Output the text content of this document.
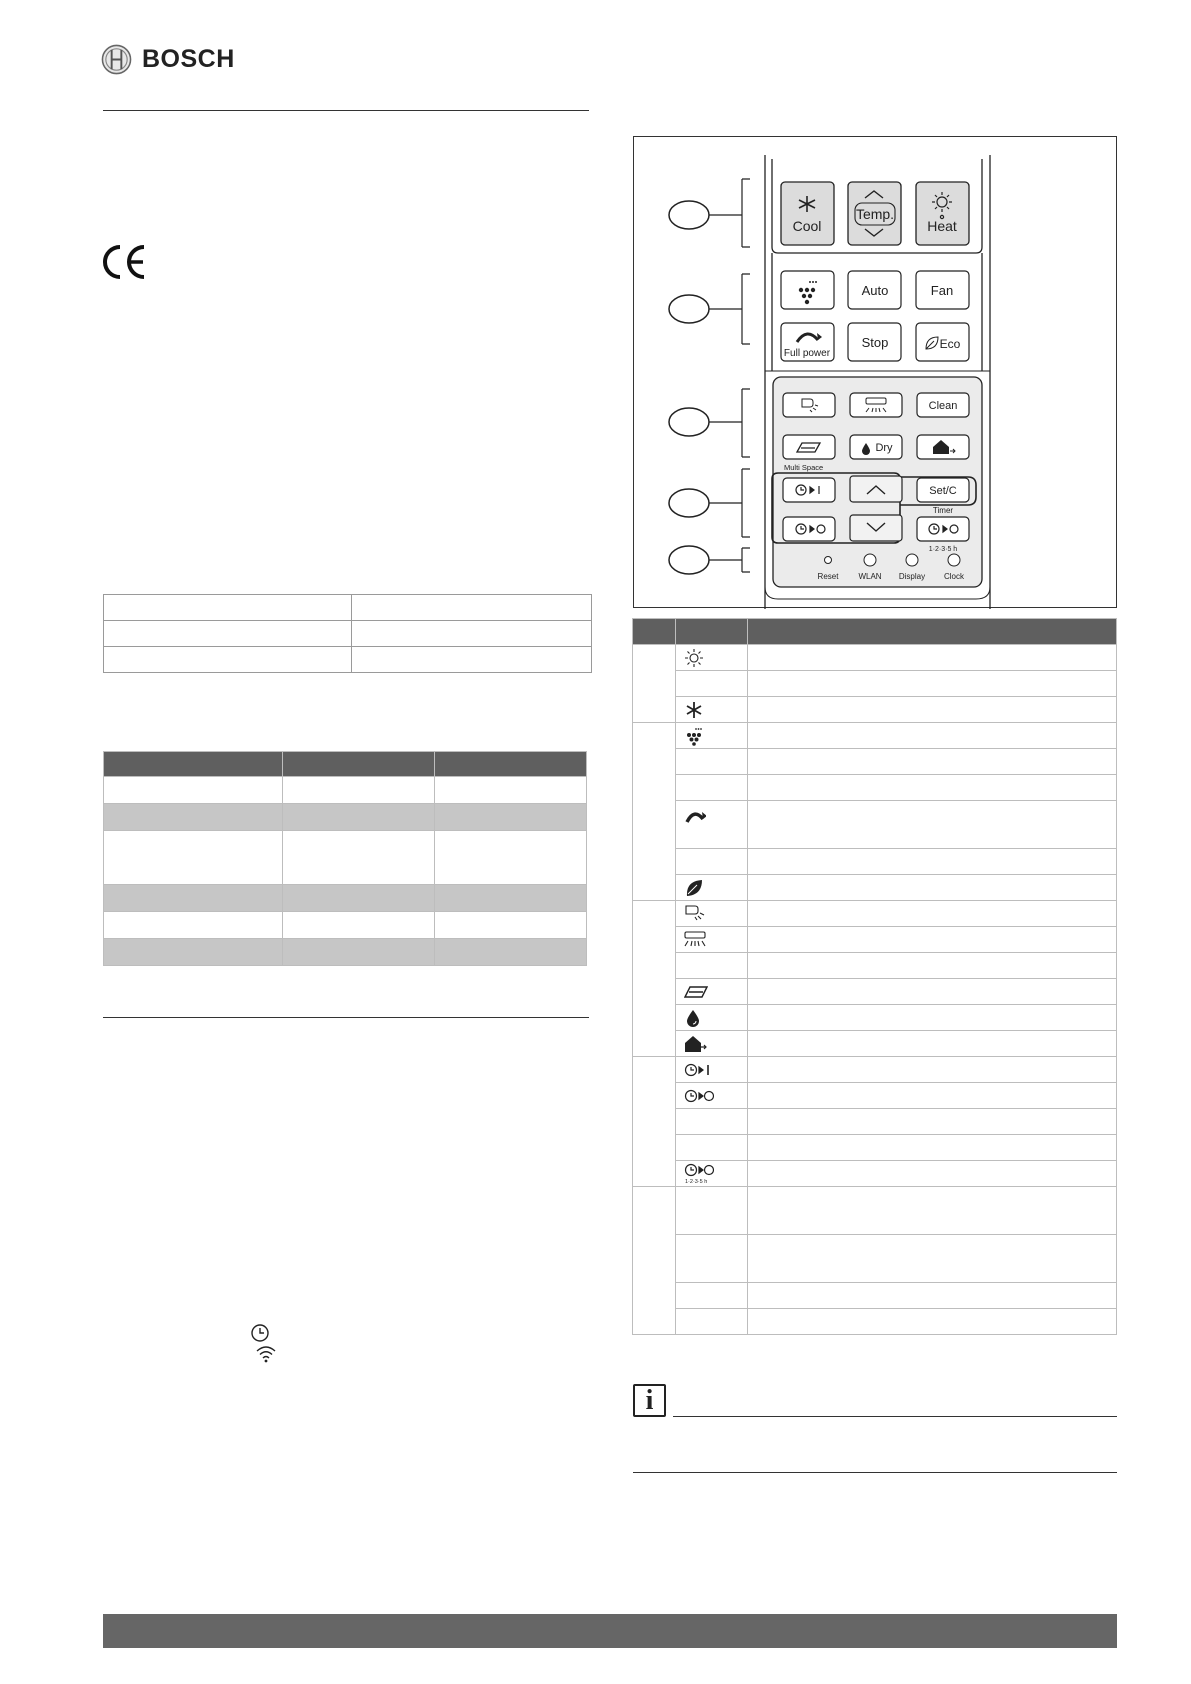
BOSCH

Cool
Temp.
Heat
Auto	Fan
Full power
Stop	Eco
Clean
Multi Space
Dry
Set/C
Timer
1·2·3·5 h
Reset WLAN Display Clock

1·2·3·5 h	

i
